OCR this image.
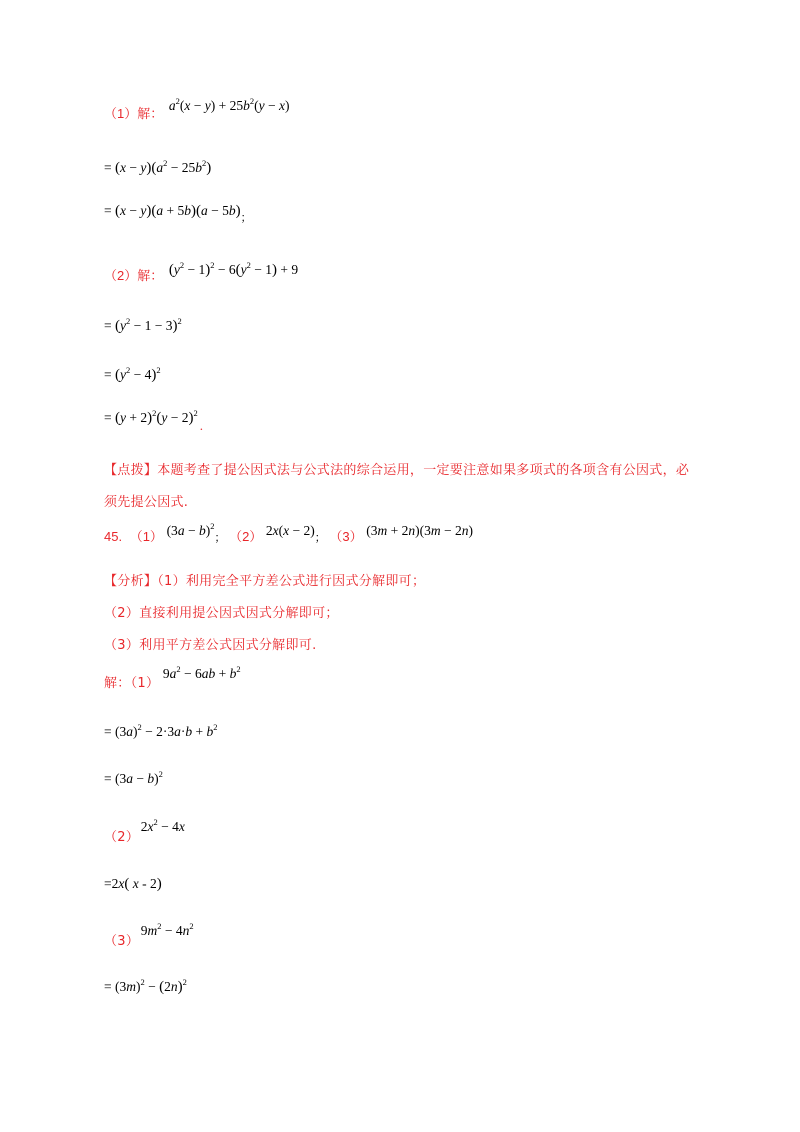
（1）解： $a^2(x - y) + 25b^2(y - x)$
= $(x - y)(a^2 - 25b^2)$
= $(x - y)(a + 5b)(a - 5b)_;$
（2）解： $(y^2 - 1)^2 - 6(y^2 - 1) + 9$
= $(y^2 - 1 - 3)^2$
= $(y^2 - 4)^2$
= $(y + 2)^2(y - 2)^2$.
【点拨】本题考查了提公因式法与公式法的综合运用，一定要注意如果多项式的各项含有公因式，必
须先提公因式.
45. （1） $(3a - b)^2$； （2） 2x(x − 2)； （3） (3m + 2n)(3m − 2n)
【分析】（1）利用完全平方差公式进行因式分解即可；
（2）直接利用提公因式因式分解即可；
（3）利用平方差公式因式分解即可.
解：（1） $9a^2 - 6ab + b^2$
= $(3a)^2 - 2\cdot 3a\cdot b + b^2$
= $(3a - b)^2$
（2） $2x^2 - 4x$
=2x( x - 2)
（3） $9m^2 - 4n^2$
= $(3m)^2 - (2n)^2$
